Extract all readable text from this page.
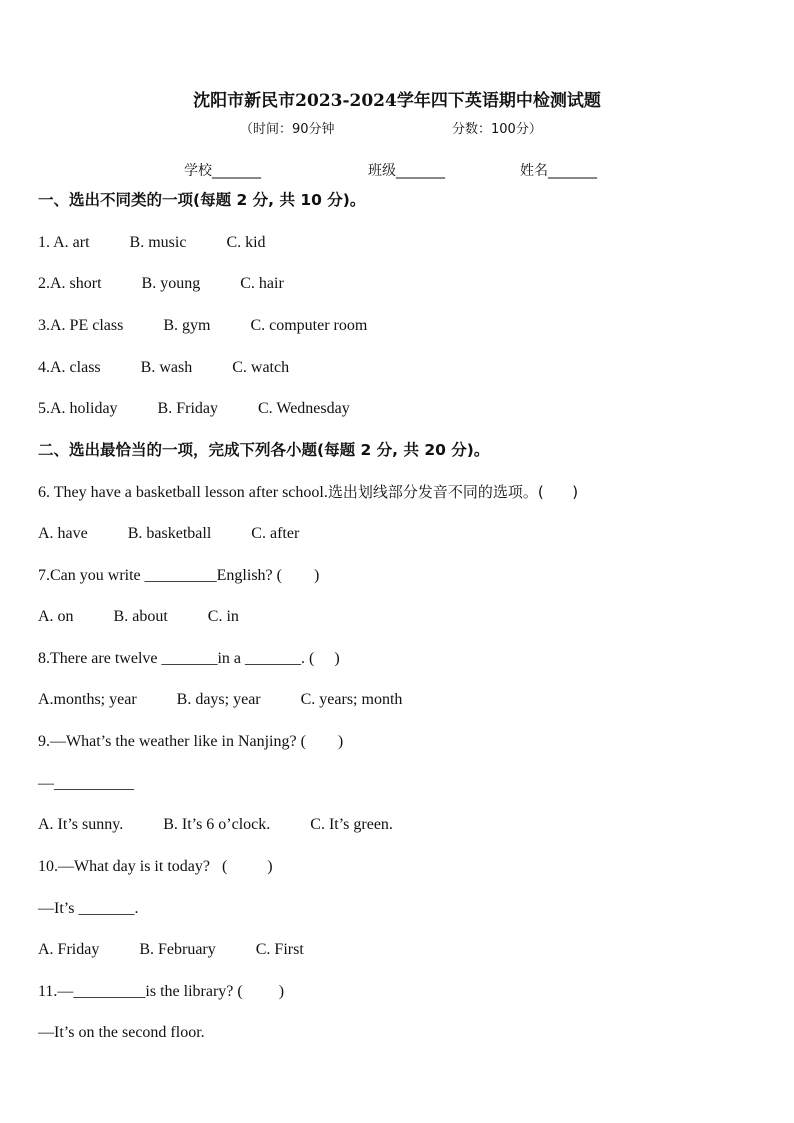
沈阳市新民市2023-2024学年四下英语期中检测试题
（时间：90分钟	分数：100分）
学校_______	班级_______	姓名_______
一、选出不同类的一项(每题 2 分, 共 10 分)。
1. A. art          B. music          C. kid
2.A. short          B. young          C. hair
3.A. PE class          B. gym          C. computer room
4.A. class          B. wash          C. watch
5.A. holiday          B. Friday          C. Wednesday
二、选出最恰当的一项，完成下列各小题(每题 2 分, 共 20 分)。
6. They have a basketball lesson after school.选出划线部分发音不同的选项。(      )
A. have          B. basketball          C. after
7.Can you write _________English? (        )
A. on          B. about          C. in
8.There are twelve _______in a _______. (     )
A.months; year          B. days; year          C. years; month
9.—What’s the weather like in Nanjing? (        )
—__________
A. It’s sunny.          B. It’s 6 o’clock.          C. It’s green.
10.—What day is it today?   (          )
—It’s _______.
A. Friday          B. February          C. First
11.—_________is the library? (         )
—It’s on the second floor.
